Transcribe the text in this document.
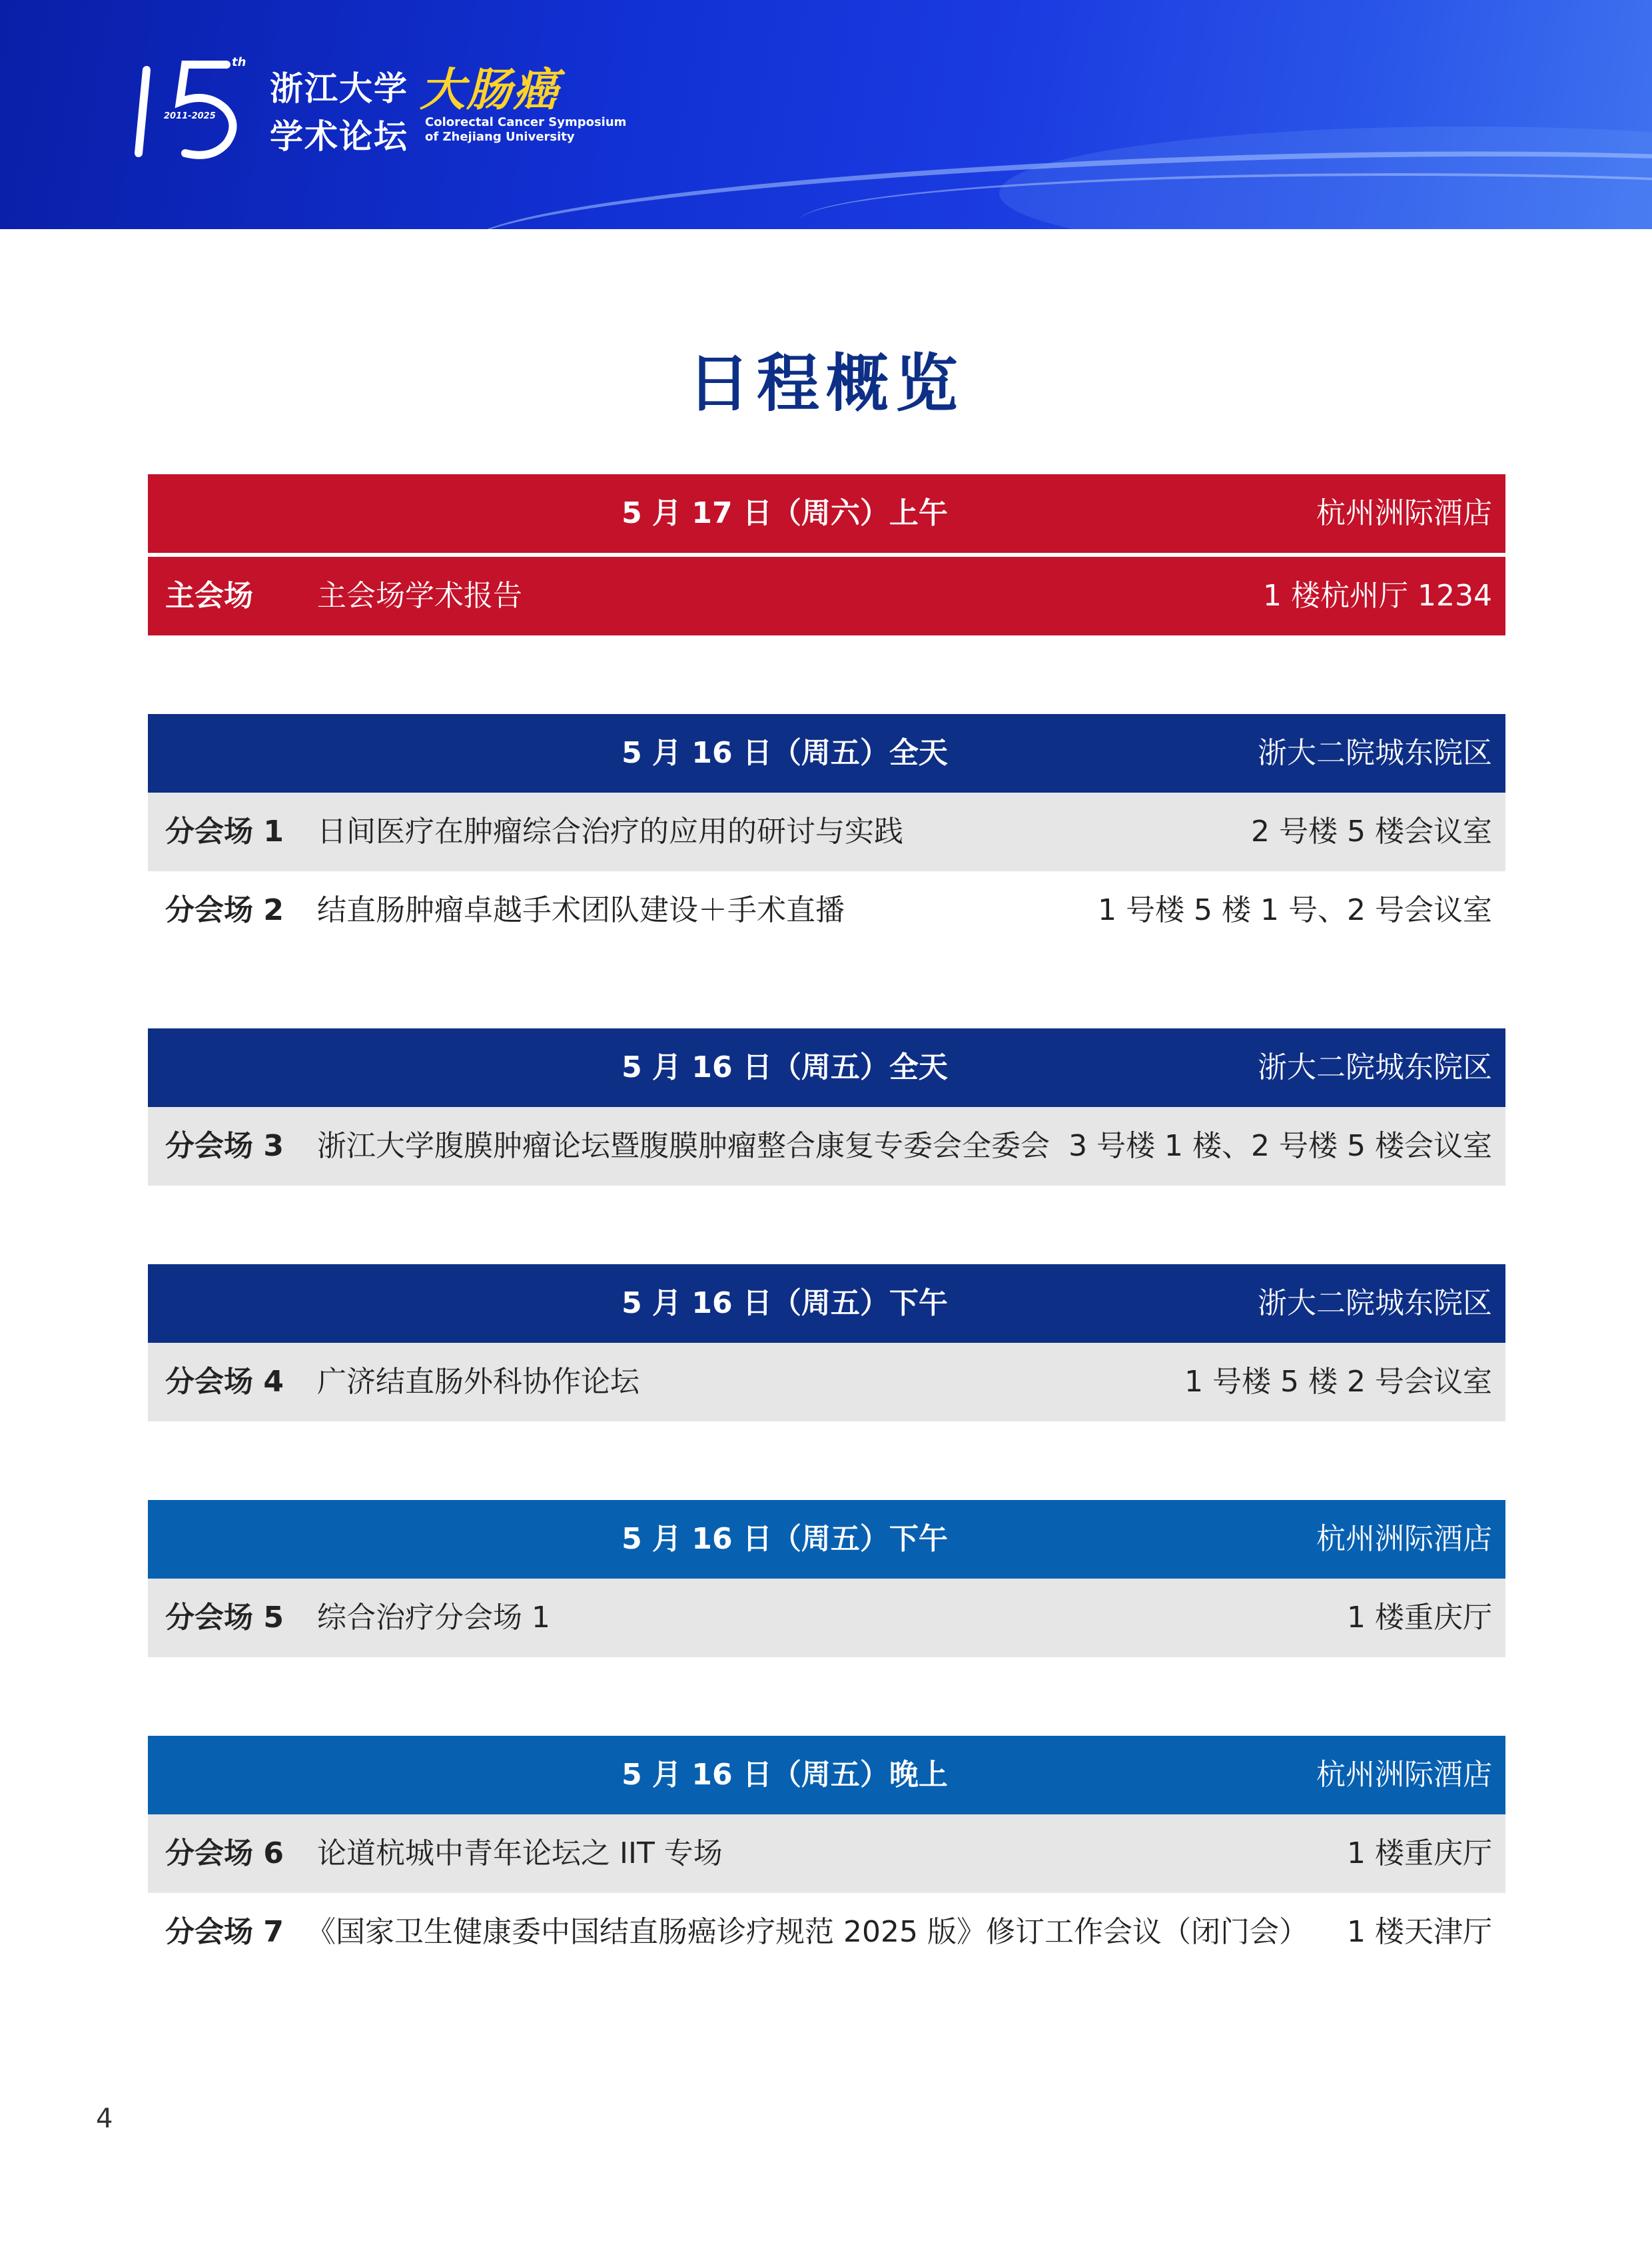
15	th
2011-2025
浙江大学
学术论坛
大肠癌
Colorectal Cancer Symposium
of Zhejiang University
日程概览
5 月 17 日（周六）上午	杭州洲际酒店
主会场 主会场学术报告	1 楼杭州厅 1234
5 月 16 日（周五）全天	浙大二院城东院区
分会场 1 日间医疗在肿瘤综合治疗的应用的研讨与实践	2 号楼 5 楼会议室
分会场 2 结直肠肿瘤卓越手术团队建设＋手术直播	1 号楼 5 楼 1 号、2 号会议室
5 月 16 日（周五）全天	浙大二院城东院区
分会场 3 浙江大学腹膜肿瘤论坛暨腹膜肿瘤整合康复专委会全委会 3 号楼 1 楼、2 号楼 5 楼会议室
5 月 16 日（周五）下午	浙大二院城东院区
分会场 4 广济结直肠外科协作论坛	1 号楼 5 楼 2 号会议室
5 月 16 日（周五）下午	杭州洲际酒店
分会场 5 综合治疗分会场 1	1 楼重庆厅
5 月 16 日（周五）晚上	杭州洲际酒店
分会场 6 论道杭城中青年论坛之 IIT 专场	1 楼重庆厅
分会场 7 《国家卫生健康委中国结直肠癌诊疗规范 2025 版》修订工作会议（闭门会） 1 楼天津厅
4
